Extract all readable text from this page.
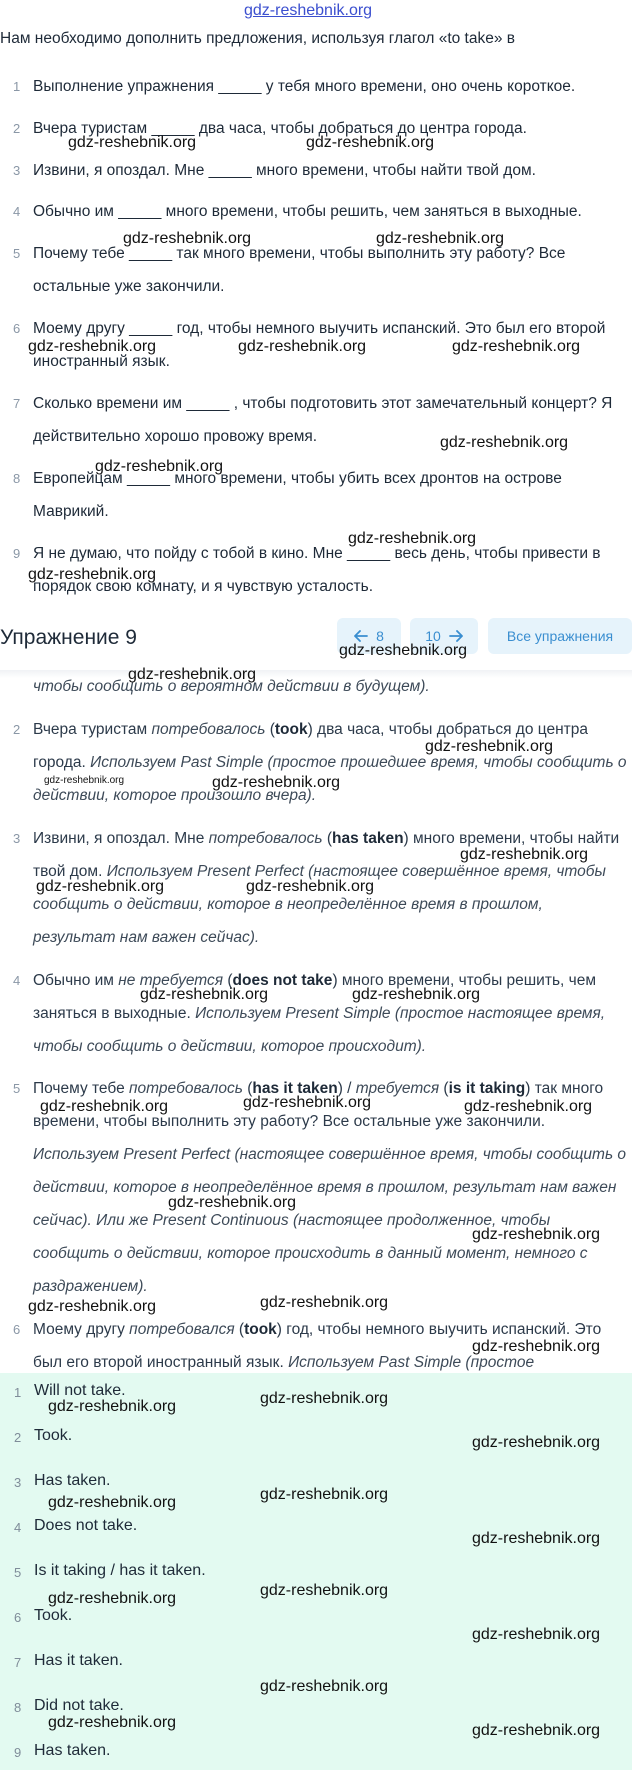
gdz-reshebnik.org
Нам необходимо дополнить предложения, используя глагол «to take» в
1 Выполнение упражнения _____ у тебя много времени, оно очень короткое.
2 Вчера туристам _____ два часа, чтобы добраться до центра города.
3 Извини, я опоздал. Мне _____ много времени, чтобы найти твой дом.
4 Обычно им _____ много времени, чтобы решить, чем заняться в выходные.
5 Почему тебе _____ так много времени, чтобы выполнить эту работу? Все остальные уже закончили.
6 Моему другу _____ год, чтобы немного выучить испанский. Это был его второй иностранный язык.
7 Сколько времени им _____ , чтобы подготовить этот замечательный концерт? Я действительно хорошо провожу время.
8 Европейцам _____ много времени, чтобы убить всех дронтов на острове Маврикий.
9 Я не думаю, что пойду с тобой в кино. Мне _____ весь день, чтобы привести в порядок свою комнату, и я чувствую усталость.
Упражнение 9	8	10	Все упражнения
чтобы сообщить о вероятном действии в будущем).
2 Вчера туристам потребовалось (took) два часа, чтобы добраться до центра города. Используем Past Simple (простое прошедшее время, чтобы сообщить о действии, которое произошло вчера).
3 Извини, я опоздал. Мне потребовалось (has taken) много времени, чтобы найти твой дом. Используем Present Perfect (настоящее совершённое время, чтобы сообщить о действии, которое в неопределённое время в прошлом, результат нам важен сейчас).
4 Обычно им не требуется (does not take) много времени, чтобы решить, чем заняться в выходные. Используем Present Simple (простое настоящее время, чтобы сообщить о действии, которое происходит).
5 Почему тебе потребовалось (has it taken) / требуется (is it taking) так много времени, чтобы выполнить эту работу? Все остальные уже закончили. Используем Present Perfect (настоящее совершённое время, чтобы сообщить о действии, которое в неопределённое время в прошлом, результат нам важен сейчас). Или же Present Continuous (настоящее продолженное, чтобы сообщить о действии, которое происходить в данный момент, немного с раздражением).
6 Моему другу потребовался (took) год, чтобы немного выучить испанский. Это был его второй иностранный язык. Используем Past Simple (простое
1 Will not take.
2 Took.
3 Has taken.
4 Does not take.
5 Is it taking / has it taken.
6 Took.
7 Has it taken.
8 Did not take.
9 Has taken.
gdz-reshebnik.org	gdz-reshebnik.org
gdz-reshebnik.org	gdz-reshebnik.org
gdz-reshebnik.org	gdz-reshebnik.org	gdz-reshebnik.org
gdz-reshebnik.org
gdz-reshebnik.org
gdz-reshebnik.org
gdz-reshebnik.org
gdz-reshebnik.org
gdz-reshebnik.org
gdz-reshebnik.org
gdz-reshebnik.org	gdz-reshebnik.org
gdz-reshebnik.org
gdz-reshebnik.org	gdz-reshebnik.org
gdz-reshebnik.org	gdz-reshebnik.org
gdz-reshebnik.org	gdz-reshebnik.org	gdz-reshebnik.org
gdz-reshebnik.org
gdz-reshebnik.org
gdz-reshebnik.org	gdz-reshebnik.org
gdz-reshebnik.org
gdz-reshebnik.org	gdz-reshebnik.org
gdz-reshebnik.org
gdz-reshebnik.org	gdz-reshebnik.org
gdz-reshebnik.org
gdz-reshebnik.org	gdz-reshebnik.org
gdz-reshebnik.org
gdz-reshebnik.org
gdz-reshebnik.org	gdz-reshebnik.org
